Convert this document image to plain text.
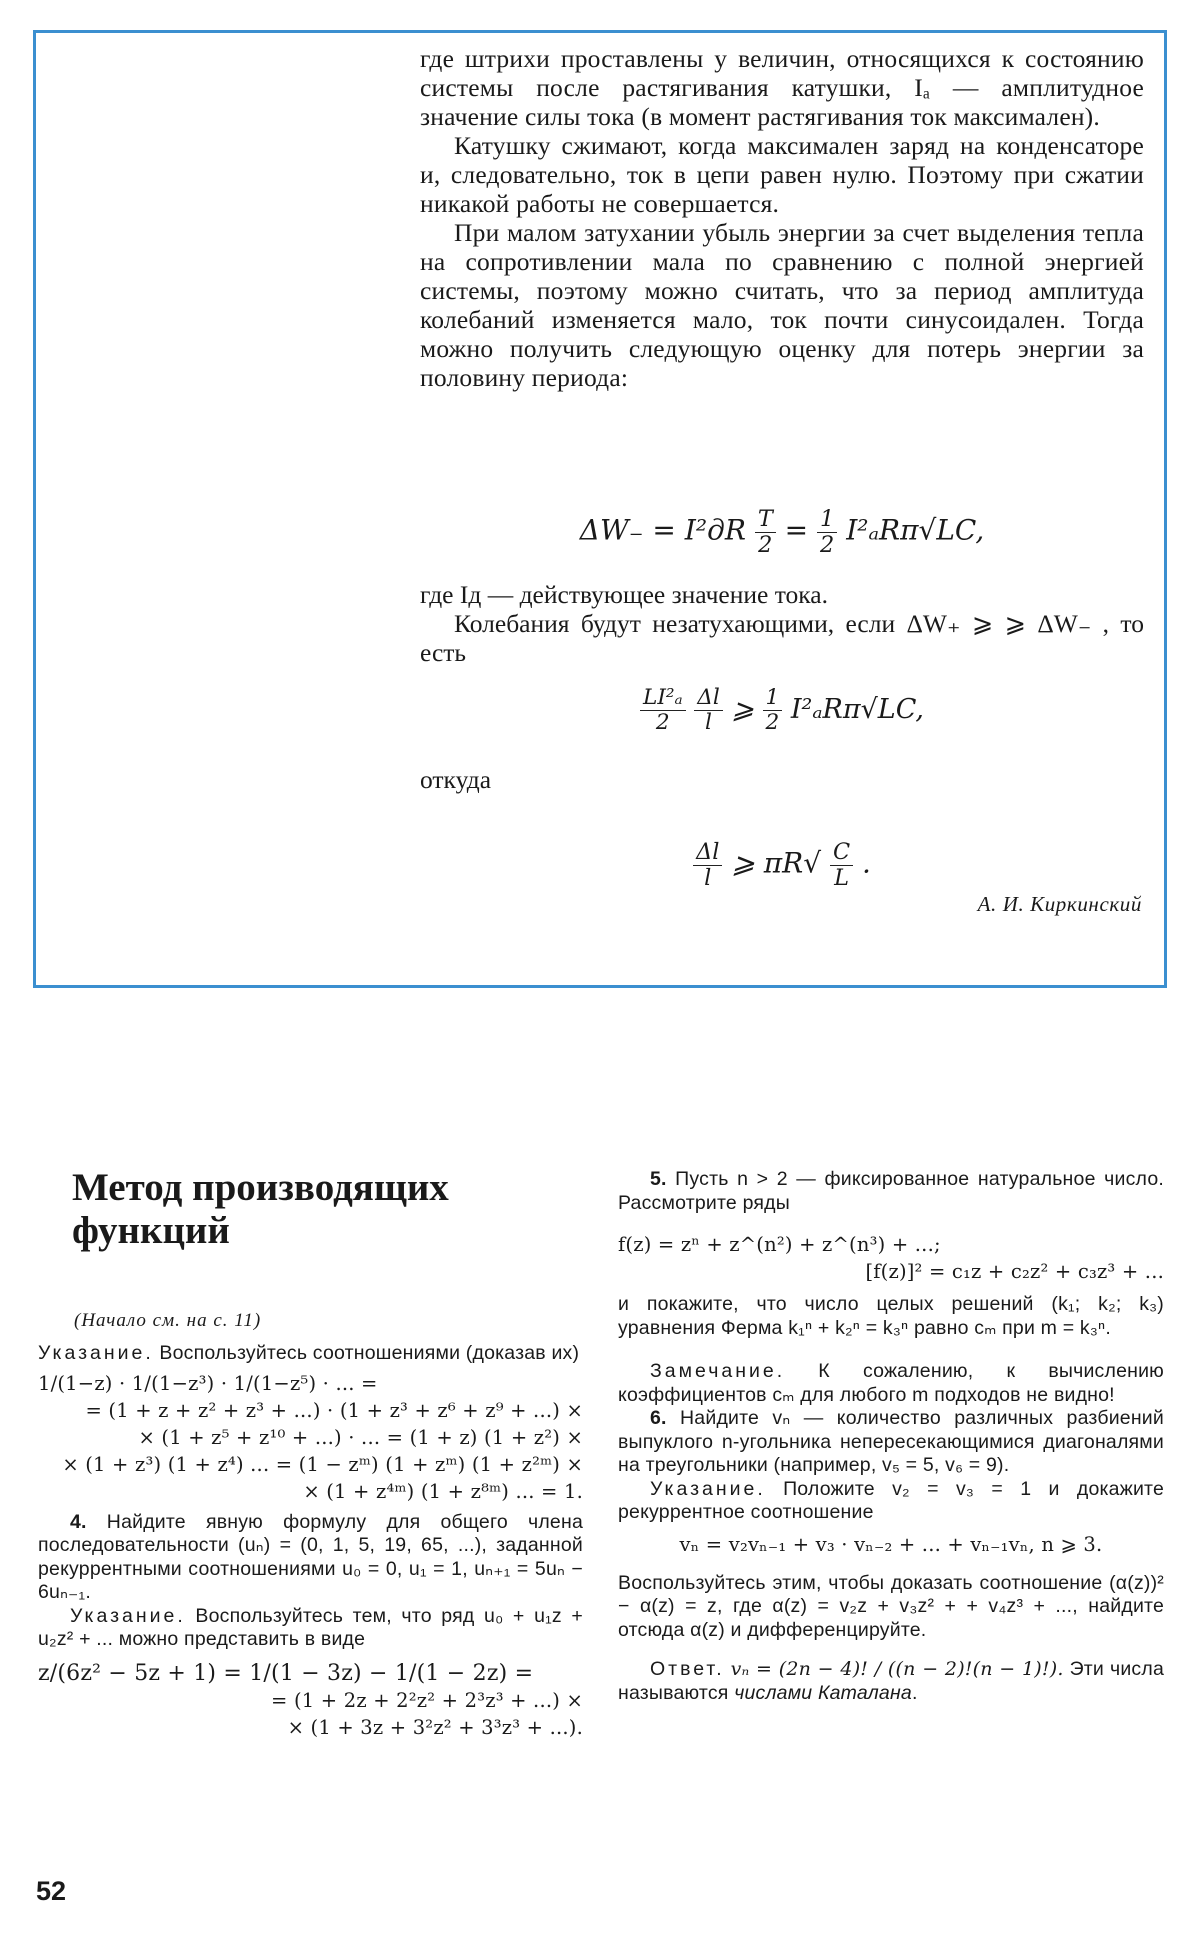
где штрихи проставлены у величин, относящихся к состоянию системы после растягивания катушки, Iₐ — амплитудное значение силы тока (в момент растягивания ток максимален).

Катушку сжимают, когда максимален заряд на конденсаторе и, следовательно, ток в цепи равен нулю. Поэтому при сжатии никакой работы не совершается.

При малом затухании убыль энергии за счет выделения тепла на сопротивлении мала по сравнению с полной энергией системы, поэтому можно считать, что за период амплитуда колебаний изменяется мало, ток почти синусоидален. Тогда можно получить следующую оценку для потерь энергии за половину периода:

$\Delta W_- = I^2дR \frac{T}{2} = \frac{1}{2} I^2_aR\pi√LC$,

где Iд — действующее значение тока.

Колебания будут незатухающими, если ΔW₊ ⩾ ⩾ ΔW₋ , то есть

$\frac{\text{LI²ₐ}}{2}$
$\frac{\Delta l}{l}$ ⩾ $\frac{1}{2} I^2_aR\pi√LC$,
откуда
$\frac{\Delta l}{l}$ ⩾ $\pi R√ \frac{C}{L}$ .
А. И. Киркинский
Метод производящих функций
(Начало см. на с. 11)

Указание. Воспользуйтесь соотношениями (доказав их)

1/(1−z) · 1/(1−z³) · 1/(1−z⁵) · ... =
= (1 + z + z² + z³ + ...) · (1 + z³ + z⁶ + z⁹ + ...) ×
× (1 + z⁵ + z¹⁰ + ...) · ... = (1 + z) (1 + z²) ×
× (1 + z³) (1 + z⁴) ... = (1 − zᵐ) (1 + zᵐ) (1 + z²ᵐ) ×
× (1 + z⁴ᵐ) (1 + z⁸ᵐ) ... = 1.

4. Найдите явную формулу для общего члена последовательности (uₙ) = (0, 1, 5, 19, 65, ...), заданной рекуррентными соотношениями u₀ = 0, u₁ = 1, uₙ₊₁ = 5uₙ − 6uₙ₋₁.

Указание. Воспользуйтесь тем, что ряд u₀ + u₁z + u₂z² + ... можно представить в виде

z/(6z² − 5z + 1) = 1/(1 − 3z) − 1/(1 − 2z) =
= (1 + 2z + 2²z² + 2³z³ + ...) ×
× (1 + 3z + 3²z² + 3³z³ + ...).

5. Пусть n > 2 — фиксированное натуральное число. Рассмотрите ряды

f(z) = zⁿ + z^(n²) + z^(n³) + ...;
[f(z)]² = c₁z + c₂z² + c₃z³ + ...

и покажите, что число целых решений (k₁; k₂; k₃) уравнения Ферма k₁ⁿ + k₂ⁿ = k₃ⁿ равно cₘ при m = k₃ⁿ.

Замечание. К сожалению, к вычислению коэффициентов cₘ для любого m подходов не видно!

6. Найдите vₙ — количество различных разбиений выпуклого n-угольника непересекающимися диагоналями на треугольники (например, v₅ = 5, v₆ = 9).

Указание. Положите v₂ = v₃ = 1 и докажите рекуррентное соотношение

vₙ = v₂vₙ₋₁ + v₃ · vₙ₋₂ + ... + vₙ₋₁vₙ, n ⩾ 3.

Воспользуйтесь этим, чтобы доказать соотношение (α(z))² − α(z) = z, где α(z) = v₂z + v₃z² + + v₄z³ + ..., найдите отсюда α(z) и дифференцируйте.

Ответ. vₙ = (2n − 4)! / ((n − 2)!(n − 1)!). Эти числа называются числами Каталана.

52
